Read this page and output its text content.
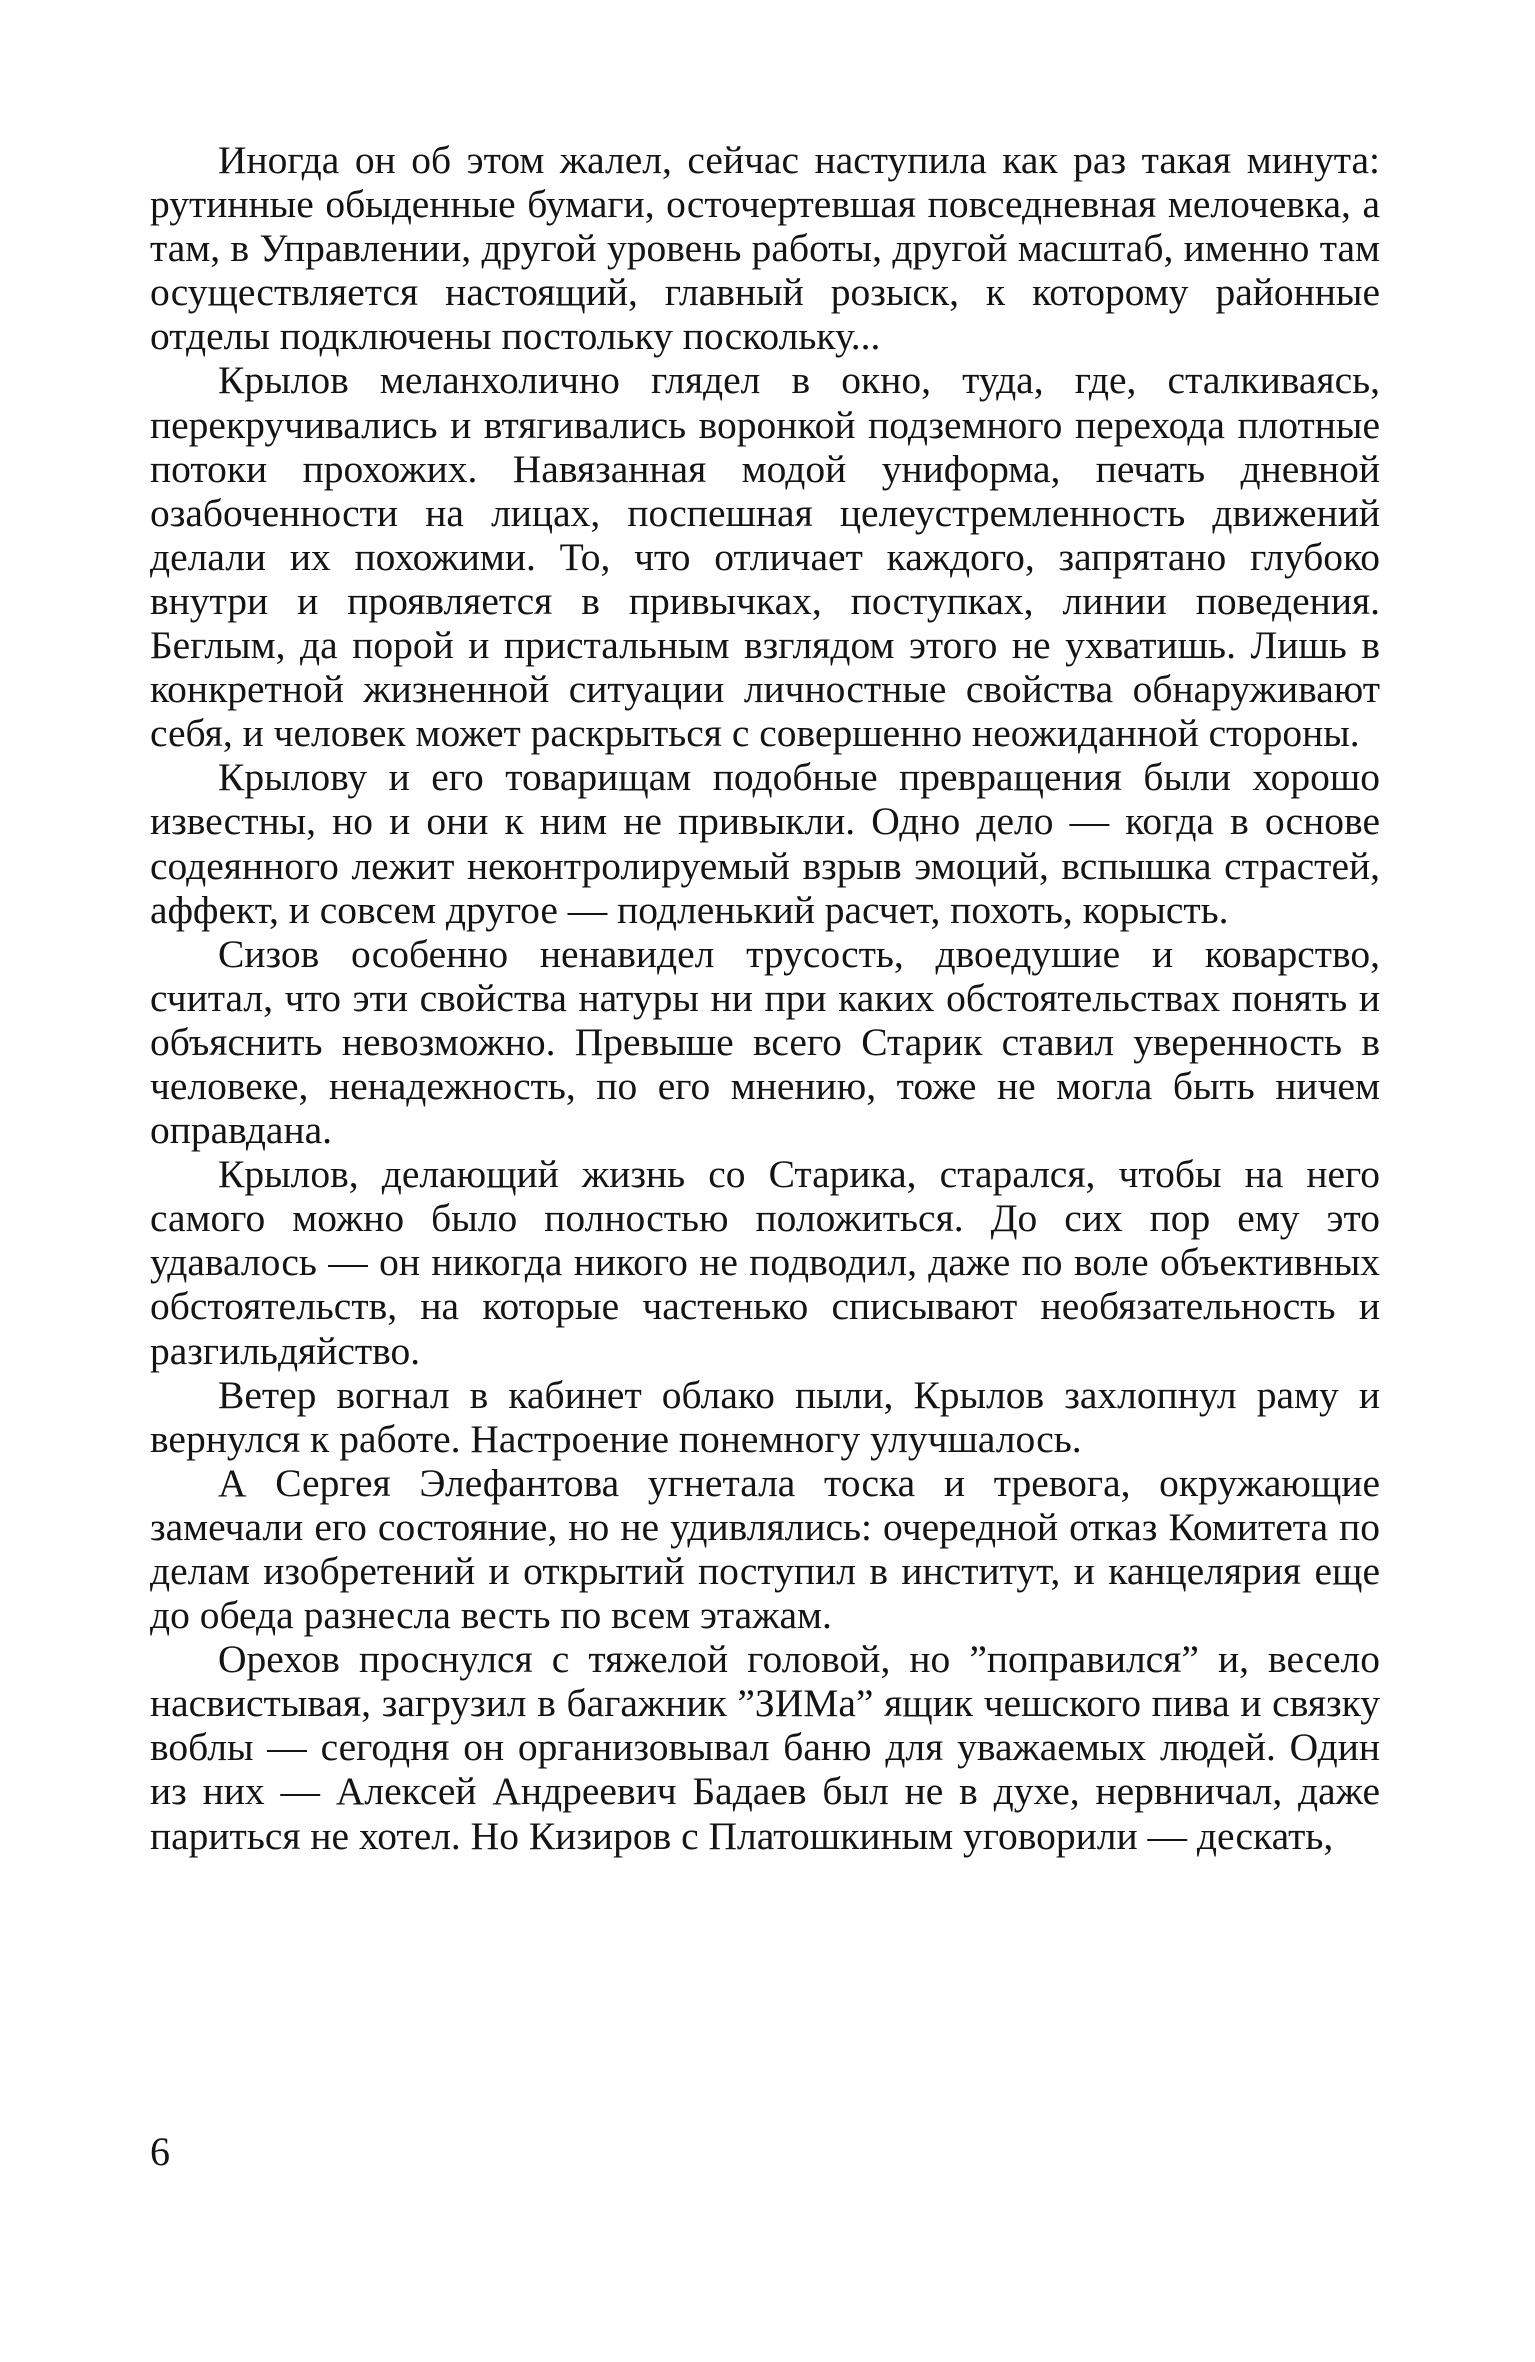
Иногда он об этом жалел, сейчас наступила как раз такая минута: рутинные обыденные бумаги, осточертевшая повседневная мелочевка, а там, в Управлении, другой уровень работы, другой масштаб, именно там осуществляется настоящий, главный розыск, к которому районные отделы подключены постольку поскольку...

Крылов меланхолично глядел в окно, туда, где, сталкиваясь, перекручивались и втягивались воронкой подземного перехода плотные потоки прохожих. Навязанная модой униформа, печать дневной озабоченности на лицах, поспешная целеустремленность движений делали их похожими. То, что отличает каждого, запрятано глубоко внутри и проявляется в привычках, поступках, линии поведения. Беглым, да порой и пристальным взглядом этого не ухватишь. Лишь в конкретной жизненной ситуации личностные свойства обнаруживают себя, и человек может раскрыться с совершенно неожиданной стороны.

Крылову и его товарищам подобные превращения были хорошо известны, но и они к ним не привыкли. Одно дело — когда в основе содеянного лежит неконтролируемый взрыв эмоций, вспышка страстей, аффект, и совсем другое — подленький расчет, похоть, корысть.

Сизов особенно ненавидел трусость, двоедушие и коварство, считал, что эти свойства натуры ни при каких обстоятельствах понять и объяснить невозможно. Превыше всего Старик ставил уверенность в человеке, ненадежность, по его мнению, тоже не могла быть ничем оправдана.

Крылов, делающий жизнь со Старика, старался, чтобы на него самого можно было полностью положиться. До сих пор ему это удавалось — он никогда никого не подводил, даже по воле объективных обстоятельств, на которые частенько списывают необязательность и разгильдяйство.

Ветер вогнал в кабинет облако пыли, Крылов захлопнул раму и вернулся к работе. Настроение понемногу улучшалось.

А Сергея Элефантова угнетала тоска и тревога, окружающие замечали его состояние, но не удивлялись: очередной отказ Комитета по делам изобретений и открытий поступил в институт, и канцелярия еще до обеда разнесла весть по всем этажам.

Орехов проснулся с тяжелой головой, но ”поправился” и, весело насвистывая, загрузил в багажник ”ЗИМа” ящик чешского пива и связку воблы — сегодня он организовывал баню для уважаемых людей. Один из них — Алексей Андреевич Бадаев был не в духе, нервничал, даже париться не хотел. Но Кизиров с Платошкиным уговорили — дескать,

6
